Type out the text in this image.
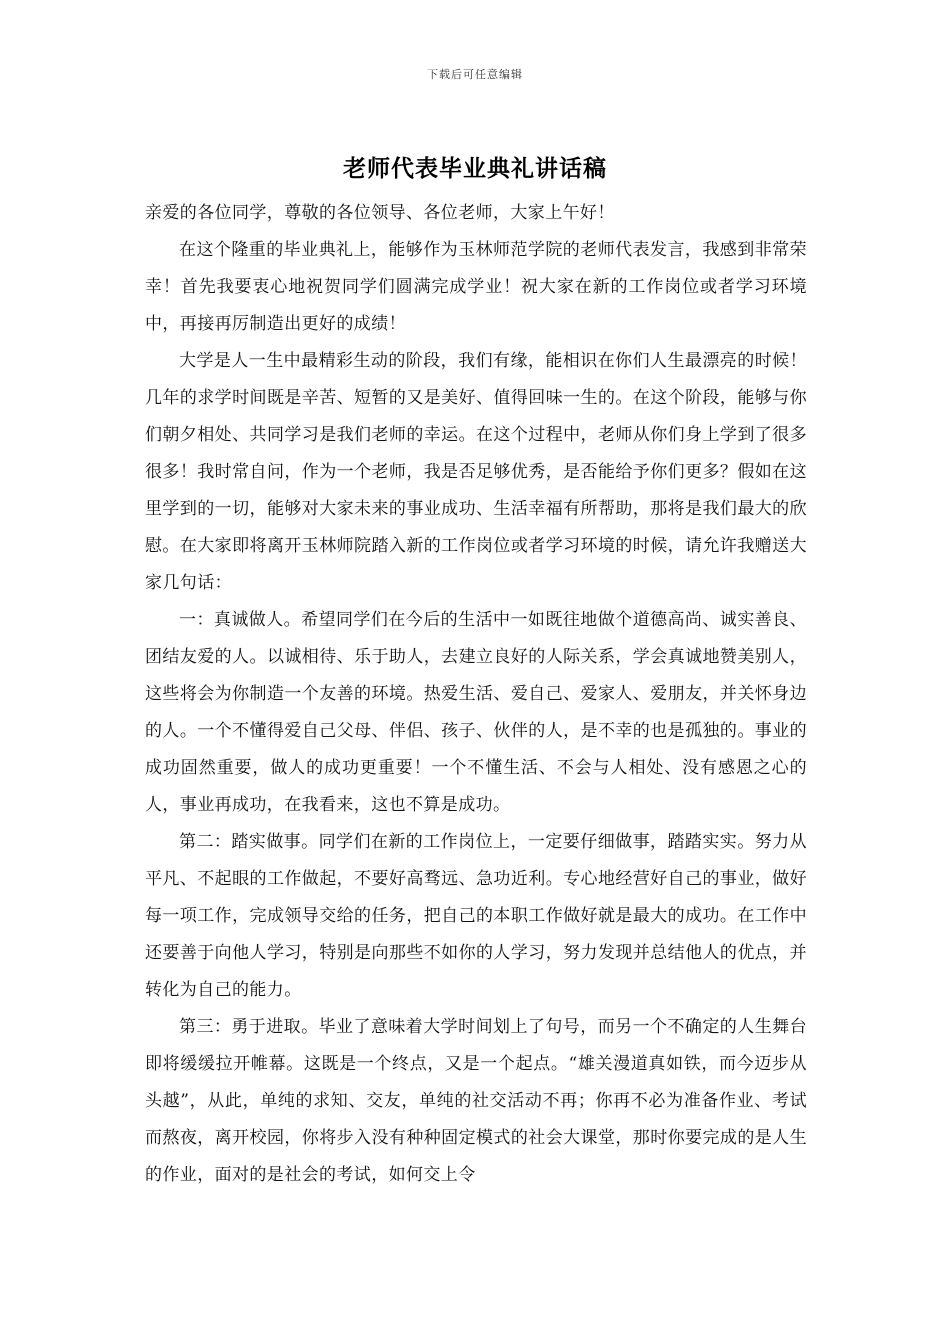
下载后可任意编辑
老师代表毕业典礼讲话稿

亲爱的各位同学，尊敬的各位领导、各位老师，大家上午好！

在这个隆重的毕业典礼上，能够作为玉林师范学院的老师代表发言，我感到非常荣幸！首先我要衷心地祝贺同学们圆满完成学业！祝大家在新的工作岗位或者学习环境中，再接再厉制造出更好的成绩！

大学是人一生中最精彩生动的阶段，我们有缘，能相识在你们人生最漂亮的时候！几年的求学时间既是辛苦、短暂的又是美好、值得回味一生的。在这个阶段，能够与你们朝夕相处、共同学习是我们老师的幸运。在这个过程中，老师从你们身上学到了很多很多！我时常自问，作为一个老师，我是否足够优秀，是否能给予你们更多？假如在这里学到的一切，能够对大家未来的事业成功、生活幸福有所帮助，那将是我们最大的欣慰。在大家即将离开玉林师院踏入新的工作岗位或者学习环境的时候，请允许我赠送大家几句话：

一：真诚做人。希望同学们在今后的生活中一如既往地做个道德高尚、诚实善良、团结友爱的人。以诚相待、乐于助人，去建立良好的人际关系，学会真诚地赞美别人，这些将会为你制造一个友善的环境。热爱生活、爱自己、爱家人、爱朋友，并关怀身边的人。一个不懂得爱自己父母、伴侣、孩子、伙伴的人，是不幸的也是孤独的。事业的成功固然重要，做人的成功更重要！一个不懂生活、不会与人相处、没有感恩之心的人，事业再成功，在我看来，这也不算是成功。

第二：踏实做事。同学们在新的工作岗位上，一定要仔细做事，踏踏实实。努力从平凡、不起眼的工作做起，不要好高骛远、急功近利。专心地经营好自己的事业，做好每一项工作，完成领导交给的任务，把自己的本职工作做好就是最大的成功。在工作中还要善于向他人学习，特别是向那些不如你的人学习，努力发现并总结他人的优点，并转化为自己的能力。

第三：勇于进取。毕业了意味着大学时间划上了句号，而另一个不确定的人生舞台即将缓缓拉开帷幕。这既是一个终点，又是一个起点。“雄关漫道真如铁，而今迈步从头越”，从此，单纯的求知、交友，单纯的社交活动不再；你再不必为准备作业、考试而熬夜，离开校园，你将步入没有种种固定模式的社会大课堂，那时你要完成的是人生的作业，面对的是社会的考试，如何交上令
